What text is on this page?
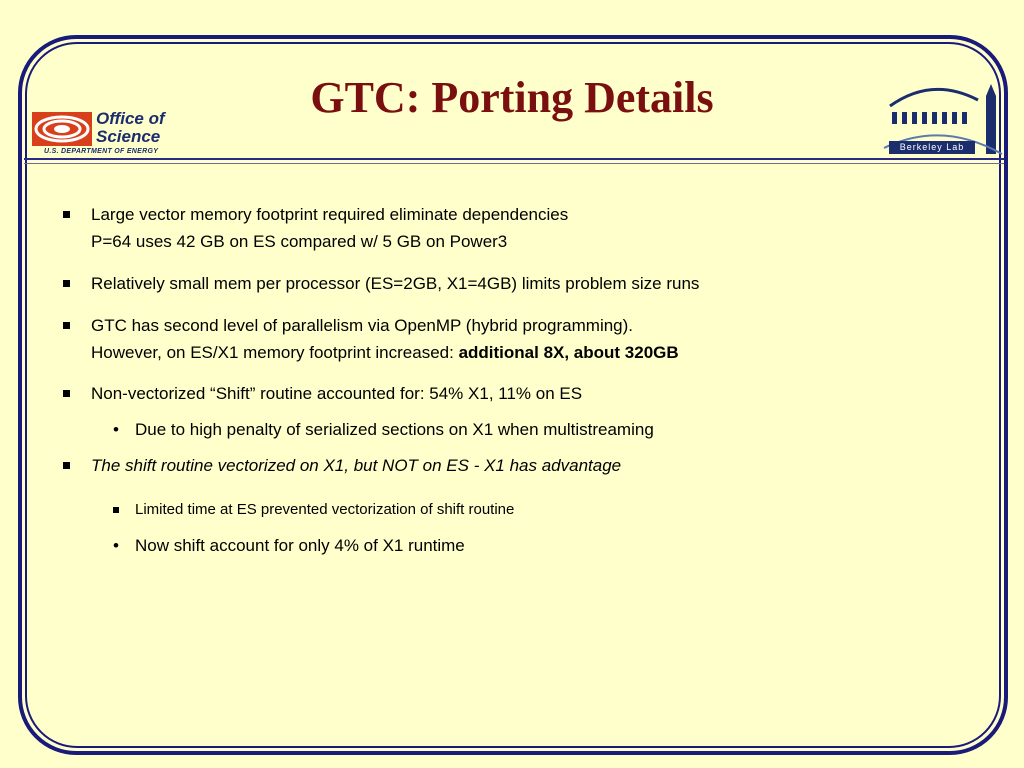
Office of
Science
U.S. DEPARTMENT OF ENERGY	Berkeley Lab
GTC: Porting Details
Large vector memory footprint required eliminate dependencies
P=64 uses 42 GB on ES compared w/ 5 GB on Power3
Relatively small mem per processor (ES=2GB, X1=4GB) limits problem size runs
GTC has second level of parallelism via OpenMP (hybrid programming).
However, on ES/X1 memory footprint increased: additional 8X, about 320GB
Non-vectorized “Shift” routine accounted for: 54% X1, 11% on ES
• Due to high penalty of serialized sections on X1 when multistreaming
The shift routine vectorized on X1, but NOT on ES - X1 has advantage
Limited time at ES prevented vectorization of shift routine
• Now shift account for only 4% of X1 runtime
